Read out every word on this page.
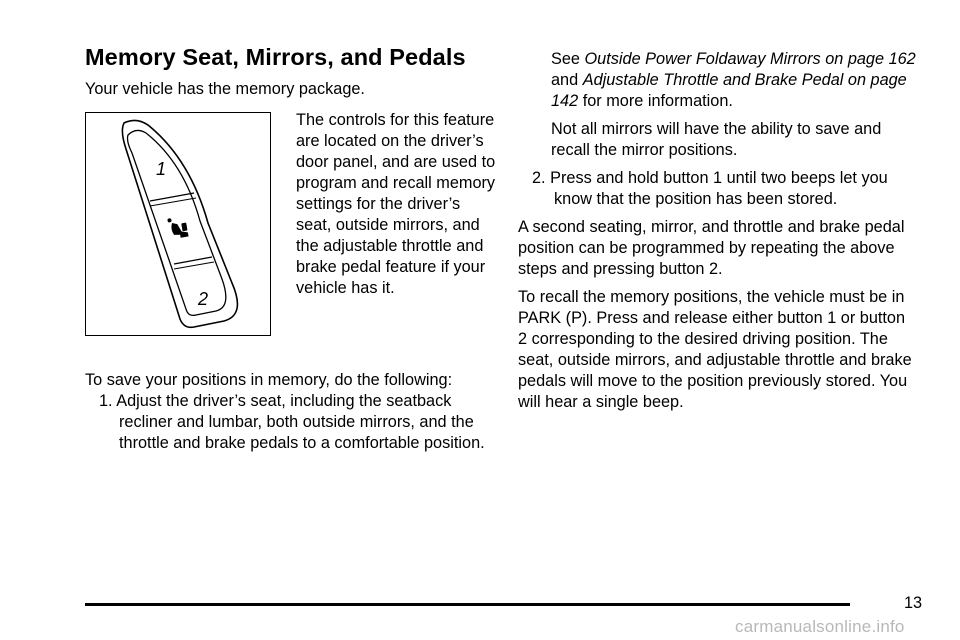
Memory Seat, Mirrors, and Pedals

Your vehicle has the memory package.

1
2

The controls for this feature are located on the driver’s door panel, and are used to program and recall memory settings for the driver’s seat, outside mirrors, and the adjustable throttle and brake pedal feature if your vehicle has it.

To save your positions in memory, do the following:

1. Adjust the driver’s seat, including the seatback recliner and lumbar, both outside mirrors, and the throttle and brake pedals to a comfortable position.

See Outside Power Foldaway Mirrors on page 162 and Adjustable Throttle and Brake Pedal on page 142 for more information.

Not all mirrors will have the ability to save and recall the mirror positions.

2. Press and hold button 1 until two beeps let you know that the position has been stored.

A second seating, mirror, and throttle and brake pedal position can be programmed by repeating the above steps and pressing button 2.

To recall the memory positions, the vehicle must be in PARK (P). Press and release either button 1 or button 2 corresponding to the desired driving position. The seat, outside mirrors, and adjustable throttle and brake pedals will move to the position previously stored. You will hear a single beep.

13
carmanualsonline.info
